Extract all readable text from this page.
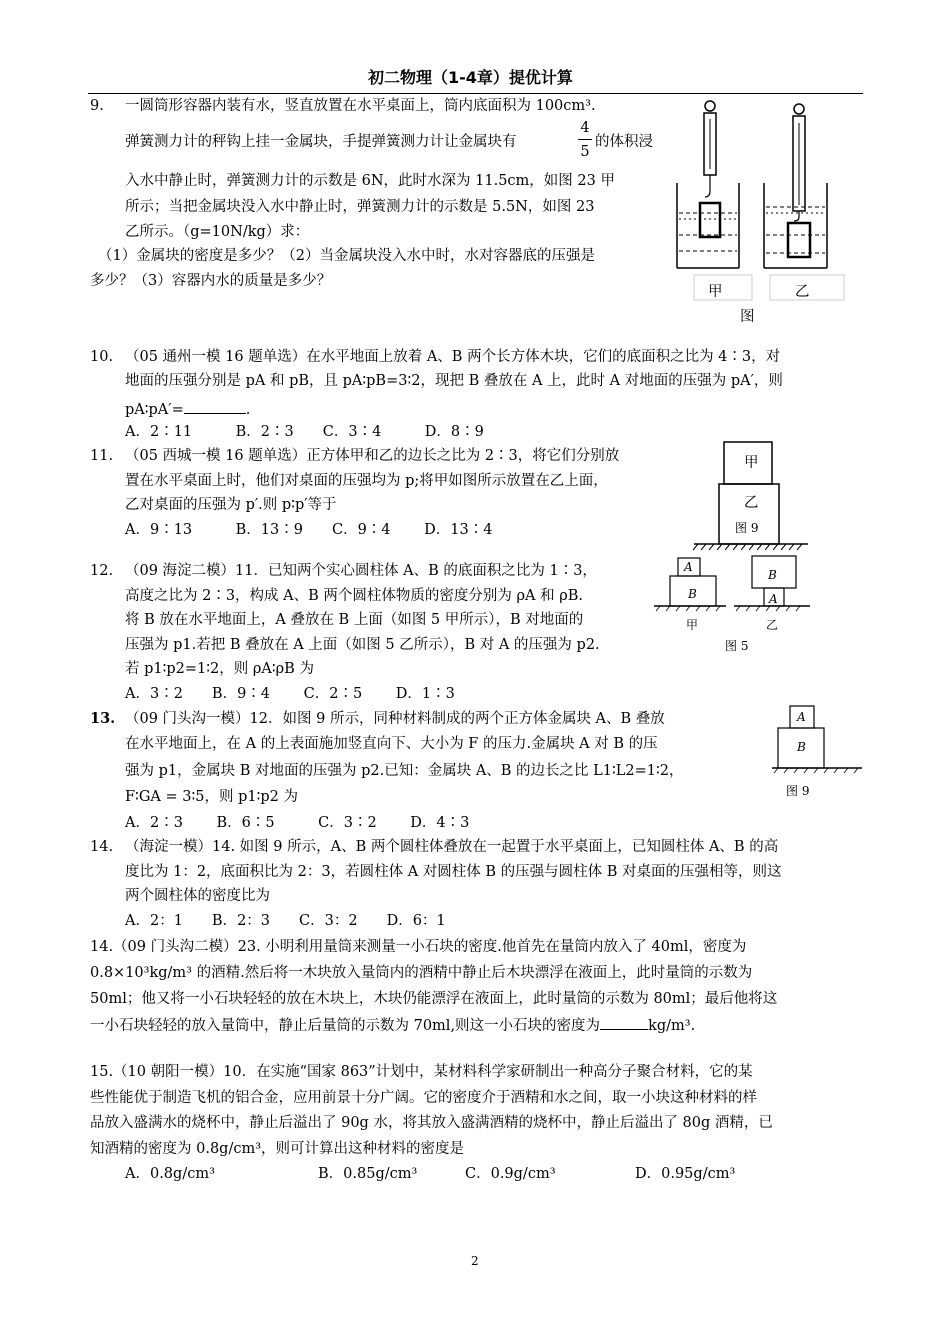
初二物理（1-4章）提优计算
9. 一圆筒形容器内装有水，竖直放置在水平桌面上，筒内底面积为 100cm³.
弹簧测力计的秤钩上挂一金属块，手提弹簧测力计让金属块有
4
5
的体积浸
入水中静止时，弹簧测力计的示数是 6N，此时水深为 11.5cm，如图 23 甲
所示；当把金属块没入水中静止时，弹簧测力计的示数是 5.5N，如图 23
乙所示。（g=10N/kg）求：
（1）金属块的密度是多少？（2）当金属块没入水中时，水对容器底的压强是
多少？（3）容器内水的质量是多少？
甲	乙
图
10. （05 通州一模 16 题单选）在水平地面上放着 A、B 两个长方体木块，它们的底面积之比为 4∶3，对
地面的压强分别是 pA 和 pB，且 pA∶pB=3∶2，现把 B 叠放在 A 上，此时 A 对地面的压强为 pA′，则
pA∶pA′=	.
A．2∶11　　　B．2∶3　　C．3∶4　　　D．8∶9
11. （05 西城一模 16 题单选）正方体甲和乙的边长之比为 2∶3，将它们分别放
置在水平桌面上时，他们对桌面的压强均为 p;将甲如图所示放置在乙上面，
乙对桌面的压强为 p′.则 p∶p′等于
A．9∶13　　　B．13∶9　　C．9∶4　　 D．13∶4
甲
乙
图 9
12. （09 海淀二模）11．已知两个实心圆柱体 A、B 的底面积之比为 1∶3，
高度之比为 2∶3，构成 A、B 两个圆柱体物质的密度分别为 ρA 和 ρB.
将 B 放在水平地面上，A 叠放在 B 上面（如图 5 甲所示），B 对地面的
压强为 p1.若把 B 叠放在 A 上面（如图 5 乙所示），B 对 A 的压强为 p2.
若 p1∶p2=1∶2，则 ρA∶ρB 为
A．3∶2　　B．9∶4　　 C．2∶5　　 D．1∶3
A
B
B
A
甲	乙
图 5
13. （09 门头沟一模）12．如图 9 所示，同种材料制成的两个正方体金属块 A、B 叠放
在水平地面上，在 A 的上表面施加竖直向下、大小为 F 的压力.金属块 A 对 B 的压
强为 p1，金属块 B 对地面的压强为 p2.已知：金属块 A、B 的边长之比 L1∶L2=1∶2，
F∶GA = 3∶5，则 p1∶p2 为
A．2∶3　　 B．6∶5　　　C．3∶2　　 D．4∶3
A
B
图 9
14. （海淀一模）14. 如图 9 所示，A、B 两个圆柱体叠放在一起置于水平桌面上，已知圆柱体 A、B 的高
度比为 1：2，底面积比为 2：3，若圆柱体 A 对圆柱体 B 的压强与圆柱体 B 对桌面的压强相等，则这
两个圆柱体的密度比为
A．2：1　　B．2：3　　C．3：2　　D．6：1
14.（09 门头沟二模）23. 小明利用量筒来测量一小石块的密度.他首先在量筒内放入了 40ml，密度为
0.8×10³kg/m³ 的酒精.然后将一木块放入量筒内的酒精中静止后木块漂浮在液面上，此时量筒的示数为
50ml；他又将一小石块轻轻的放在木块上，木块仍能漂浮在液面上，此时量筒的示数为 80ml；最后他将这
一小石块轻轻的放入量筒中，静止后量筒的示数为 70ml,则这一小石块的密度为	kg/m³.
15.（10 朝阳一模）10．在实施“国家 863”计划中，某材料科学家研制出一种高分子聚合材料，它的某
些性能优于制造飞机的铝合金，应用前景十分广阔。它的密度介于酒精和水之间，取一小块这种材料的样
品放入盛满水的烧杯中，静止后溢出了 90g 水，将其放入盛满酒精的烧杯中，静止后溢出了 80g 酒精，已
知酒精的密度为 0.8g/cm³，则可计算出这种材料的密度是
A．0.8g/cm³	B．0.85g/cm³	C．0.9g/cm³	D．0.95g/cm³
2
